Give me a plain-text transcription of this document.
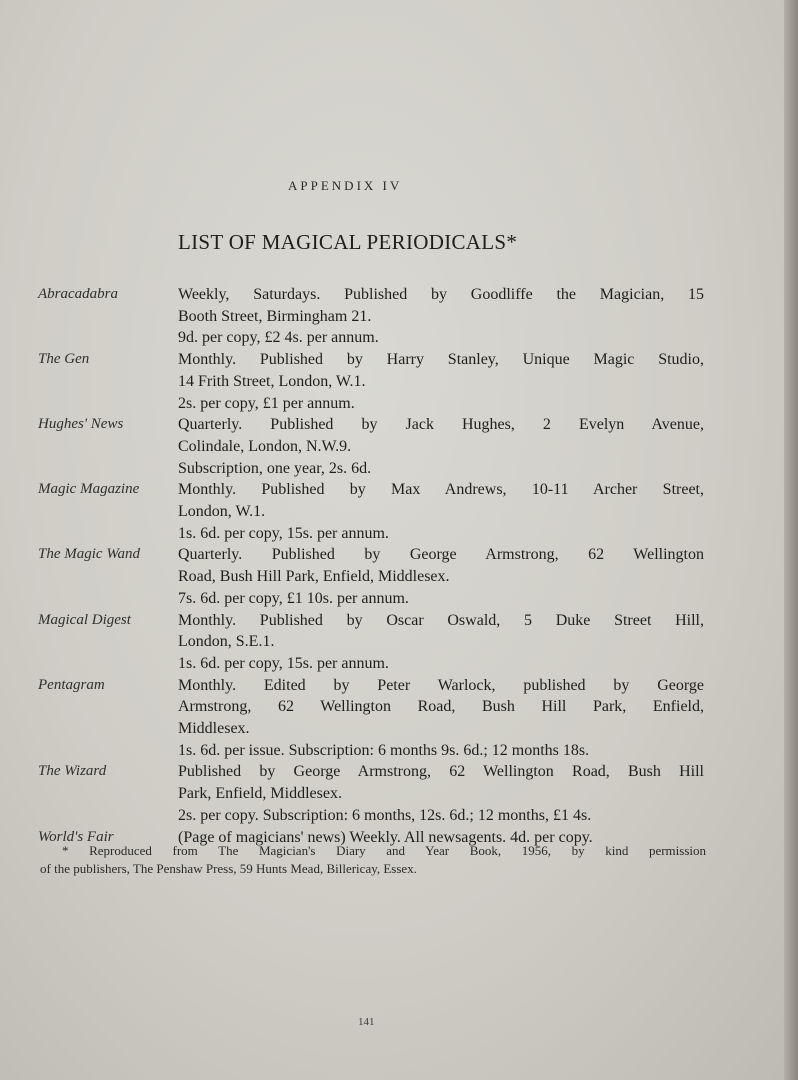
APPENDIX IV
LIST OF MAGICAL PERIODICALS*
Abracadabra	Weekly, Saturdays. Published by Goodliffe the Magician, 15
Booth Street, Birmingham 21.
9d. per copy, £2 4s. per annum.
The Gen	Monthly. Published by Harry Stanley, Unique Magic Studio,
14 Frith Street, London, W.1.
2s. per copy, £1 per annum.
Hughes' News	Quarterly. Published by Jack Hughes, 2 Evelyn Avenue,
Colindale, London, N.W.9.
Subscription, one year, 2s. 6d.
Magic Magazine	Monthly. Published by Max Andrews, 10-11 Archer Street,
London, W.1.
1s. 6d. per copy, 15s. per annum.
The Magic Wand	Quarterly. Published by George Armstrong, 62 Wellington
Road, Bush Hill Park, Enfield, Middlesex.
7s. 6d. per copy, £1 10s. per annum.
Magical Digest	Monthly. Published by Oscar Oswald, 5 Duke Street Hill,
London, S.E.1.
1s. 6d. per copy, 15s. per annum.
Pentagram	Monthly. Edited by Peter Warlock, published by George
Armstrong, 62 Wellington Road, Bush Hill Park, Enfield,
Middlesex.
1s. 6d. per issue. Subscription: 6 months 9s. 6d.; 12 months 18s.
The Wizard	Published by George Armstrong, 62 Wellington Road, Bush Hill
Park, Enfield, Middlesex.
2s. per copy. Subscription: 6 months, 12s. 6d.; 12 months, £1 4s.
World's Fair	(Page of magicians' news) Weekly. All newsagents. 4d. per copy.
* Reproduced from The Magician's Diary and Year Book, 1956, by kind permission
of the publishers, The Penshaw Press, 59 Hunts Mead, Billericay, Essex.
141
